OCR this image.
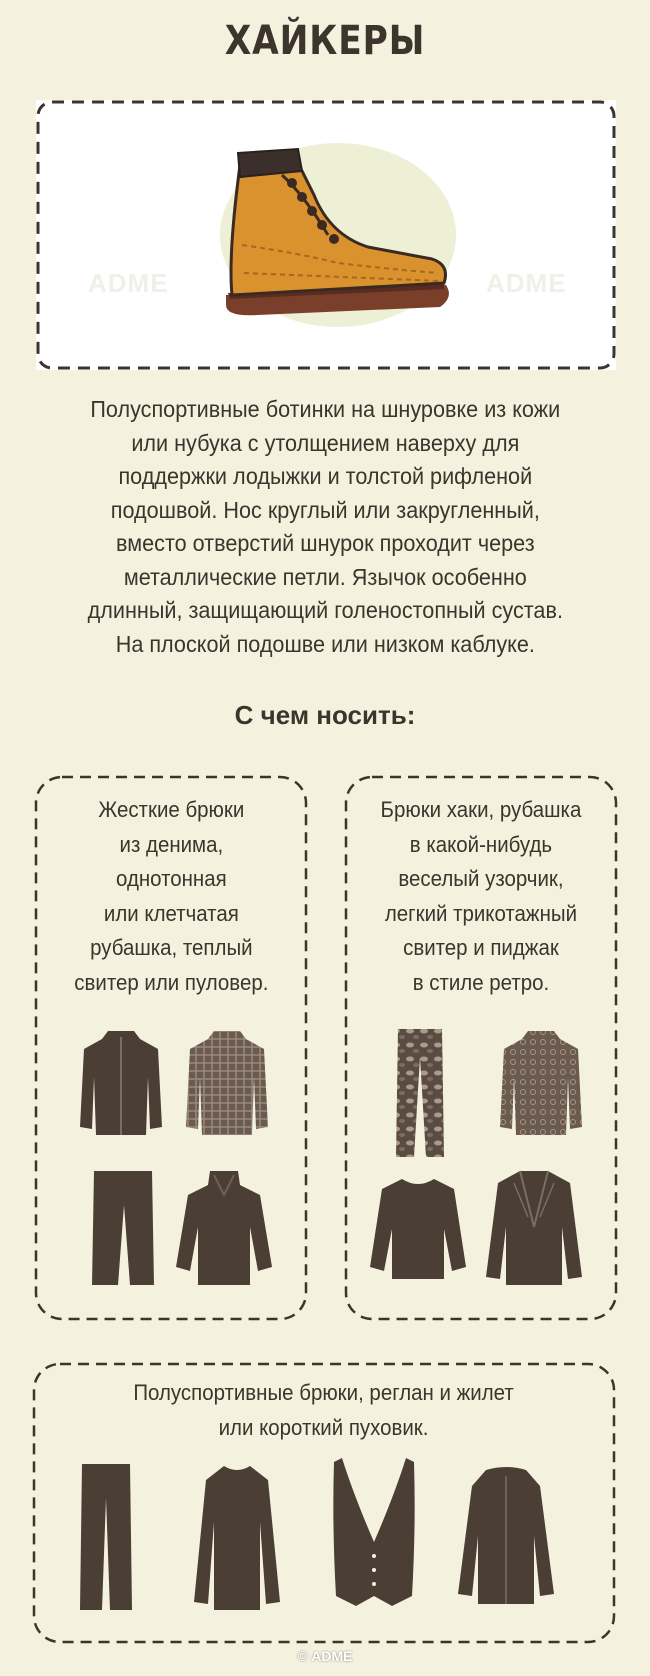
ХАЙКЕРЫ
ADME	ADME
Полуспортивные ботинки на шнуровке из кожи
или нубука с утолщением наверху для
поддержки лодыжки и толстой рифленой
подошвой. Нос круглый или закругленный,
вместо отверстий шнурок проходит через
металлические петли. Язычок особенно
длинный, защищающий голеностопный сустав.
На плоской подошве или низком каблуке.
С чем носить:
Жесткие брюки
из денима,
однотонная
или клетчатая
рубашка, теплый
свитер или пуловер.
Брюки хаки, рубашка
в какой-нибудь
веселый узорчик,
легкий трикотажный
свитер и пиджак
в стиле ретро.
Полуспортивные брюки, реглан и жилет
или короткий пуховик.
© ADME
